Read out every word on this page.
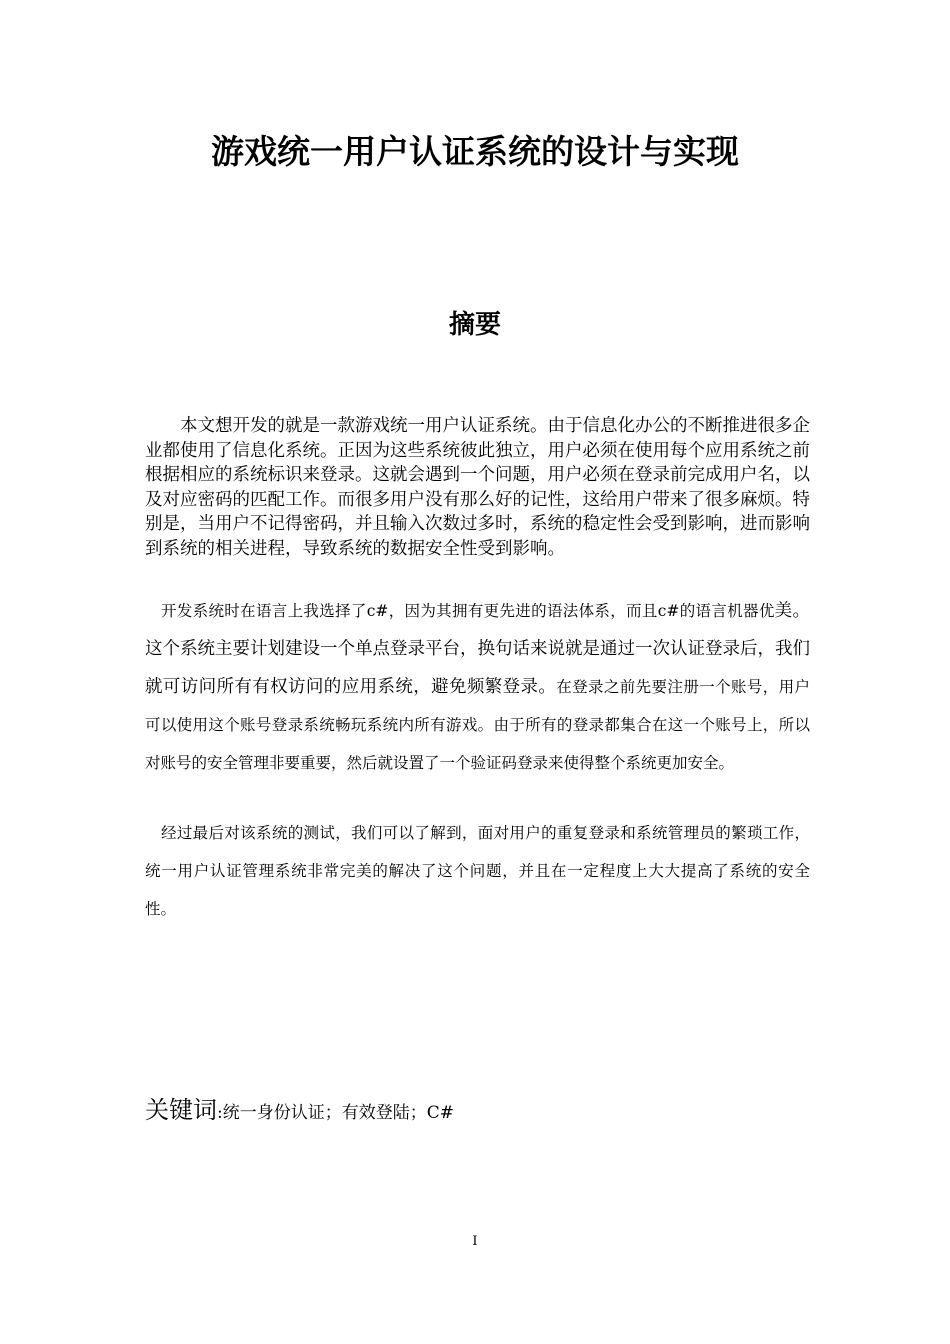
游戏统一用户认证系统的设计与实现
摘要
本文想开发的就是一款游戏统一用户认证系统。由于信息化办公的不断推进很多企业都使用了信息化系统。正因为这些系统彼此独立，用户必须在使用每个应用系统之前根据相应的系统标识来登录。这就会遇到一个问题，用户必须在登录前完成用户名，以及对应密码的匹配工作。而很多用户没有那么好的记性，这给用户带来了很多麻烦。特别是，当用户不记得密码，并且输入次数过多时，系统的稳定性会受到影响，进而影响到系统的相关进程，导致系统的数据安全性受到影响。
开发系统时在语言上我选择了c#，因为其拥有更先进的语法体系，而且c#的语言机器优美。这个系统主要计划建设一个单点登录平台，换句话来说就是通过一次认证登录后，我们就可访问所有有权访问的应用系统，避免频繁登录。在登录之前先要注册一个账号，用户可以使用这个账号登录系统畅玩系统内所有游戏。由于所有的登录都集合在这一个账号上，所以对账号的安全管理非要重要，然后就设置了一个验证码登录来使得整个系统更加安全。
经过最后对该系统的测试，我们可以了解到，面对用户的重复登录和系统管理员的繁琐工作，统一用户认证管理系统非常完美的解决了这个问题，并且在一定程度上大大提高了系统的安全性。
关键词:统一身份认证；有效登陆；C#
I
